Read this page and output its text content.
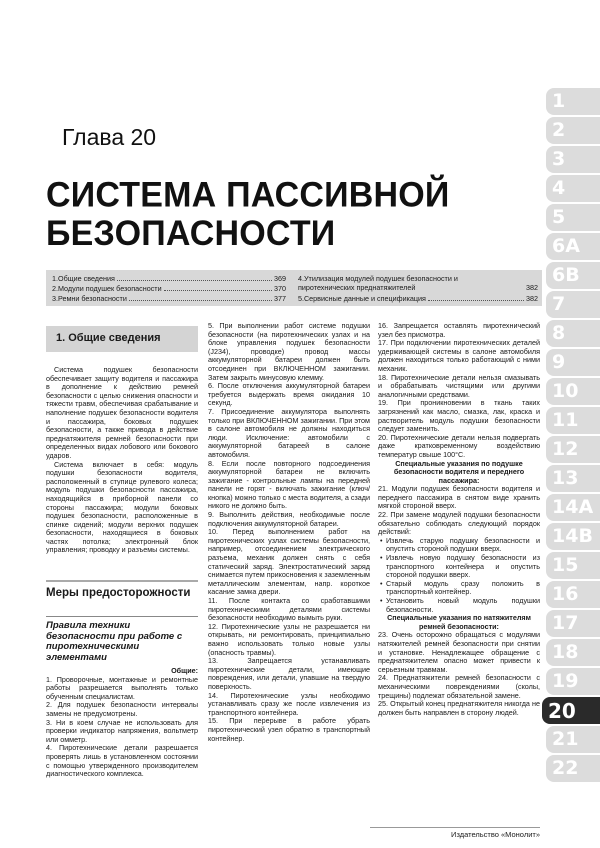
Глава 20
СИСТЕМА ПАССИВНОЙ
БЕЗОПАСНОСТИ
1.Общие сведения	369
2.Модули подушек безопасности	370
3.Ремни безопасности	377
4.Утилизация модулей подушек безопасности и пиротехнических преднатяжителей	382
5.Сервисные данные и спецификация	382
1. Общие сведения

Система подушек безопасности обеспечивает защиту водителя и пассажира в дополнение к действию ремней безопасности с целью снижения опасности и тяжести травм, обеспечивая срабатывание и наполнение подушек безопасности водителя и пассажира, боковых подушек безопасности, а также привода в действие преднатяжителя ремней безопасности при определенных видах лобового или бокового ударов.

Система включает в себя: модуль подушки безопасности водителя, расположенный в ступице рулевого колеса; модуль подушки безопасности пассажира, находящийся в приборной панели со стороны пассажира; модули боковых подушек безопасности, расположенные в спинке сидений; модули верхних подушек безопасности, находящиеся в боковых частях потолка; электронный блок управления; проводку и разъемы системы.

Меры предосторожности
Правила техники безопасности при работе с пиротехническими элементами

Общие:

1. Проворочные, монтажные и ремонтные работы разрешается выполнять только обученным специалистам.

2. Для подушек безопасности интервалы замены не предусмотрены.

3. Ни в коем случае не использовать для проверки индикатор напряжения, вольтметр или омметр.

4. Пиротехнические детали разрешается проверять лишь в установленном состоянии с помощью утвержденного производителем диагностического комплекса.

5. При выполнении работ системе подушки безопасности (на пиротехнических узлах и на блоке управления подушек безопасности (J234), проводке) провод массы аккумуляторной батареи должен быть отсоединен при ВКЛЮЧЕННОМ зажигании. Затем закрыть минусовую клемму.

6. После отключения аккумуляторной батареи требуется выдержать время ожидания 10 секунд.

7. Присоединение аккумулятора выполнять только при ВКЛЮЧЕННОМ зажигании. При этом в салоне автомобиля не должны находиться люди. Исключение: автомобили с аккумуляторной батареей в салоне автомобиля.

8. Если после повторного подсоединения аккумуляторной батареи не включить зажигание - контрольные лампы на передней панели не горят - включать зажигание (ключ/кнопка) можно только с места водителя, а сзади никого не должно быть.

9. Выполнить действия, необходимые после подключения аккумуляторной батареи.

10. Перед выполнением работ на пиротехнических узлах системы безопасности, например, отсоединением электрического разъема, механик должен снять с себя статический заряд. Электростатический заряд снимается путем прикосновения к заземленным металлическим элементам, напр. короткое касание замка двери.

11. После контакта со сработавшими пиротехническими деталями системы безопасности необходимо вымыть руки.

12. Пиротехнические узлы не разрешается ни открывать, ни ремонтировать, принципиально важно использовать только новые узлы (опасность травмы).

13. Запрещается устанавливать пиротехнические детали, имеющие повреждения, или детали, упавшие на твердую поверхность.

14. Пиротехнические узлы необходимо устанавливать сразу же после извлечения из транспортного контейнера.

15. При перерыве в работе убрать пиротехнический узел обратно в транспортный контейнер.

16. Запрещается оставлять пиротехнический узел без присмотра.

17. При подключении пиротехнических деталей удерживающей системы в салоне автомобиля должен находиться только работающий с ними механик.

18. Пиротехнические детали нельзя смазывать и обрабатывать чистящими или другими аналогичными средствами.

19. При проникновении в ткань таких загрязнений как масло, смазка, лак, краска и растворитель модуль подушки безопасности следует заменить.

20. Пиротехнические детали нельзя подвергать даже кратковременному воздействию температур свыше 100°C.

Специальные указания по подушке безопасности водителя и переднего пассажира:

21. Модули подушек безопасности водителя и переднего пассажира в снятом виде хранить мягкой стороной вверх.

22. При замене модулей подушки безопасности обязательно соблюдать следующий порядок действий:

• Извлечь старую подушку безопасности и опустить стороной подушки вверх.

• Извлечь новую подушку безопасности из транспортного контейнера и опустить стороной подушки вверх.

• Старый модуль сразу положить в транспортный контейнер.

• Установить новый модуль подушки безопасности.

Специальные указания по натяжителям ремней безопасности:

23. Очень осторожно обращаться с модулями натяжителей ремней безопасности при снятии и установке. Ненадлежащее обращение с преднатяжителем опасно может привести к серьезным травмам.

24. Преднатяжители ремней безопасности с механическими повреждениями (сколы, трещины) подлежат обязательной замене.

25. Открытый конец преднатяжителя никогда не должен быть направлен в сторону людей.

Издательство «Монолит»
1
2
3
4
5
6А
6В
7
8
9
10
11
12
13
14А
14В
15
16
17
18
19
20
21
22
